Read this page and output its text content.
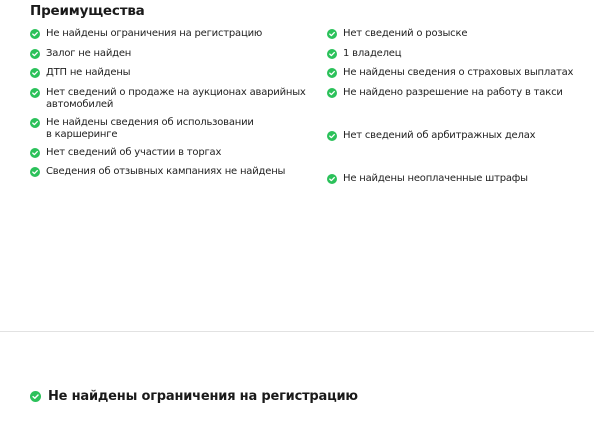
Преимущества
Не найдены ограничения на регистрацию
Залог не найден
ДТП не найдены
Нет сведений о продаже на аукционах аварийных автомобилей
Не найдены сведения об использовании в каршеринге
Нет сведений об участии в торгах
Сведения об отзывных кампаниях не найдены
Нет сведений о розыске
1 владелец
Не найдены сведения о страховых выплатах
Не найдено разрешение на работу в такси
Нет сведений об арбитражных делах
Не найдены неоплаченные штрафы
Не найдены ограничения на регистрацию
